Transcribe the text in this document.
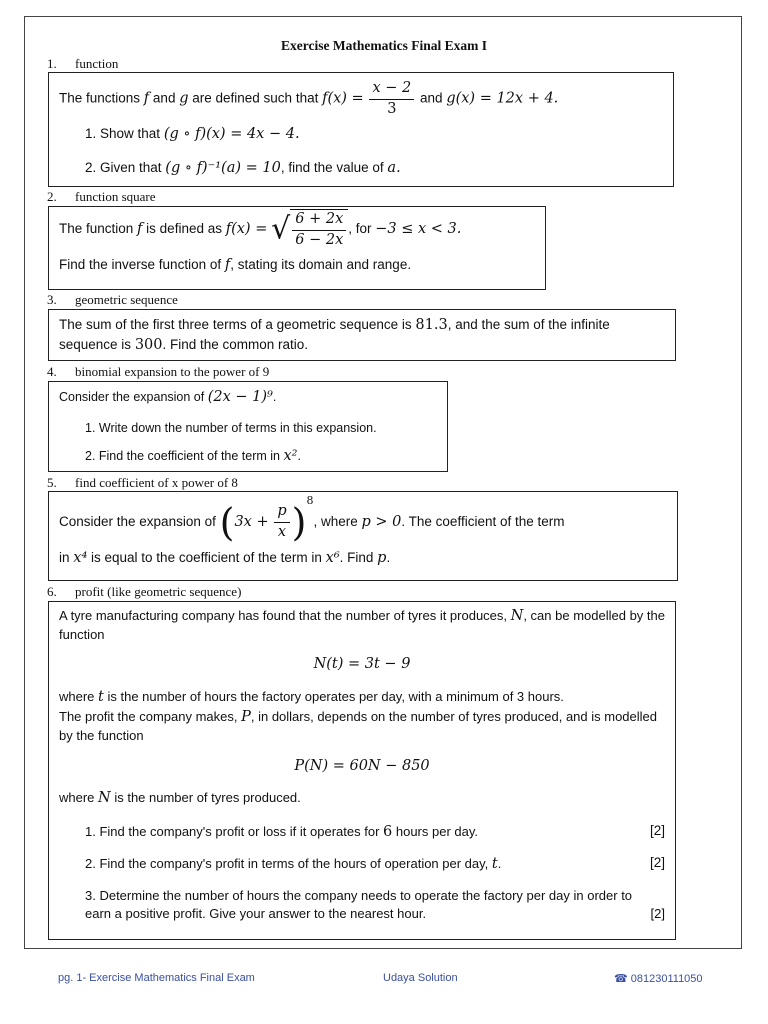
Exercise Mathematics Final Exam I
1. function

The functions f and g are defined such that $f(x) = \frac{x - 2}{3}$ and g(x) = 12x + 4.

1. Show that (g ∘ f)(x) = 4x − 4.

2. Given that (g ∘ f)⁻¹(a) = 10, find the value of a.

2. function square

The function f is defined as f(x) = √ $\frac{6 + 2x}{6 - 2x}$ , for −3 ≤ x < 3.

Find the inverse function of f, stating its domain and range.

3. geometric sequence

The sum of the first three terms of a geometric sequence is 81.3, and the sum of the infinite sequence is 300. Find the common ratio.

4. binomial expansion to the power of 9

Consider the expansion of (2x − 1)⁹.

1. Write down the number of terms in this expansion.

2. Find the coefficient of the term in x².

5. find coefficient of x power of 8

Consider the expansion of $(3x + \frac{p}{x} )^8$, where p > 0. The coefficient of the term

in x⁴ is equal to the coefficient of the term in x⁶. Find p.

6. profit (like geometric sequence)

A tyre manufacturing company has found that the number of tyres it produces, N, can be modelled by the function

N(t) = 3t − 9

where t is the number of hours the factory operates per day, with a minimum of 3 hours.

The profit the company makes, P, in dollars, depends on the number of tyres produced, and is modelled by the function

P(N) = 60N − 850

where N is the number of tyres produced.

[2]
1. Find the company's profit or loss if it operates for 6 hours per day.

[2]
2. Find the company's profit in terms of the hours of operation per day, t.

[2]
3. Determine the number of hours the company needs to operate the factory per day in order to earn a positive profit. Give your answer to the nearest hour.

pg. 1- Exercise Mathematics Final Exam	Udaya Solution	☎ 081230111050
